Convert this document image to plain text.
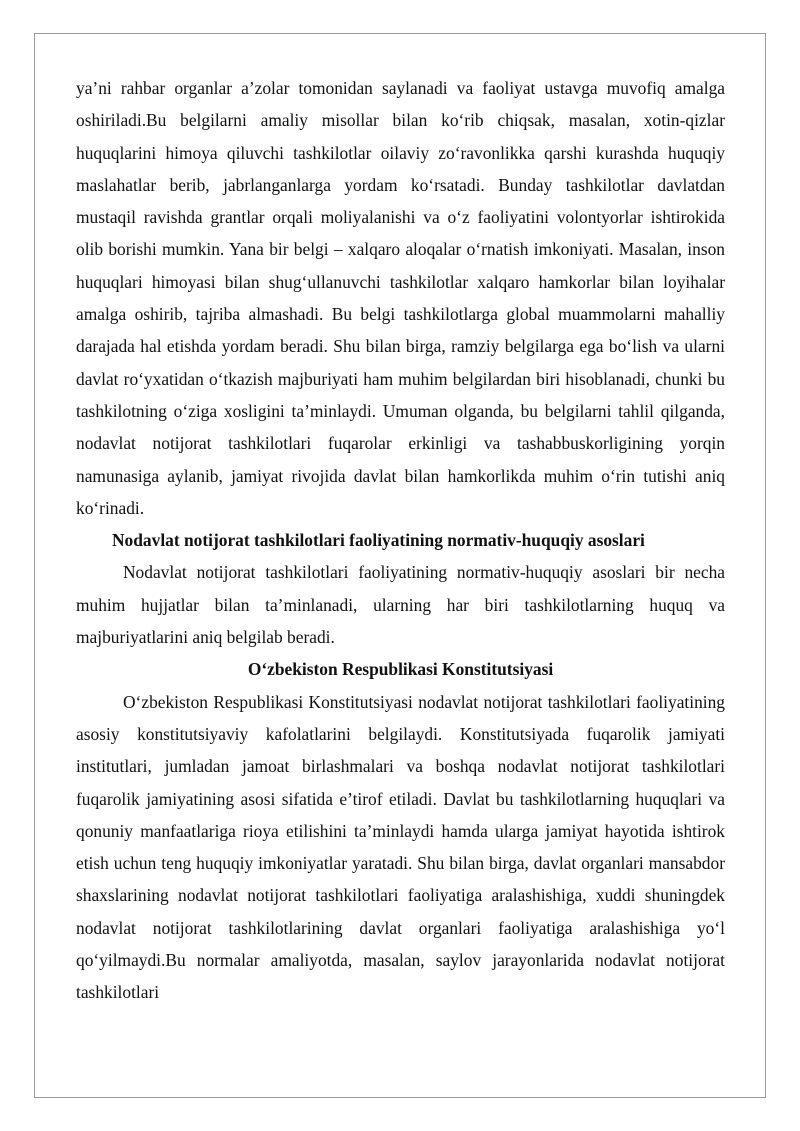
ya’ni rahbar organlar a’zolar tomonidan saylanadi va faoliyat ustavga muvofiq amalga oshiriladi.Bu belgilarni amaliy misollar bilan ko‘rib chiqsak, masalan, xotin-qizlar huquqlarini himoya qiluvchi tashkilotlar oilaviy zo‘ravonlikka qarshi kurashda huquqiy maslahatlar berib, jabrlanganlarga yordam ko‘rsatadi. Bunday tashkilotlar davlatdan mustaqil ravishda grantlar orqali moliyalanishi va o‘z faoliyatini volontyorlar ishtirokida olib borishi mumkin. Yana bir belgi – xalqaro aloqalar o‘rnatish imkoniyati. Masalan, inson huquqlari himoyasi bilan shug‘ullanuvchi tashkilotlar xalqaro hamkorlar bilan loyihalar amalga oshirib, tajriba almashadi. Bu belgi tashkilotlarga global muammolarni mahalliy darajada hal etishda yordam beradi. Shu bilan birga, ramziy belgilarga ega bo‘lish va ularni davlat ro‘yxatidan o‘tkazish majburiyati ham muhim belgilardan biri hisoblanadi, chunki bu tashkilotning o‘ziga xosligini ta’minlaydi. Umuman olganda, bu belgilarni tahlil qilganda, nodavlat notijorat tashkilotlari fuqarolar erkinligi va tashabbuskorligining yorqin namunasiga aylanib, jamiyat rivojida davlat bilan hamkorlikda muhim o‘rin tutishi aniq ko‘rinadi.

Nodavlat notijorat tashkilotlari faoliyatining normativ-huquqiy asoslari

Nodavlat notijorat tashkilotlari faoliyatining normativ-huquqiy asoslari bir necha muhim hujjatlar bilan ta’minlanadi, ularning har biri tashkilotlarning huquq va majburiyatlarini aniq belgilab beradi.

O‘zbekiston Respublikasi Konstitutsiyasi

O‘zbekiston Respublikasi Konstitutsiyasi nodavlat notijorat tashkilotlari faoliyatining asosiy konstitutsiyaviy kafolatlarini belgilaydi. Konstitutsiyada fuqarolik jamiyati institutlari, jumladan jamoat birlashmalari va boshqa nodavlat notijorat tashkilotlari fuqarolik jamiyatining asosi sifatida e’tirof etiladi. Davlat bu tashkilotlarning huquqlari va qonuniy manfaatlariga rioya etilishini ta’minlaydi hamda ularga jamiyat hayotida ishtirok etish uchun teng huquqiy imkoniyatlar yaratadi. Shu bilan birga, davlat organlari mansabdor shaxslarining nodavlat notijorat tashkilotlari faoliyatiga aralashishiga, xuddi shuningdek nodavlat notijorat tashkilotlarining davlat organlari faoliyatiga aralashishiga yo‘l qo‘yilmaydi.Bu normalar amaliyotda, masalan, saylov jarayonlarida nodavlat notijorat tashkilotlari
